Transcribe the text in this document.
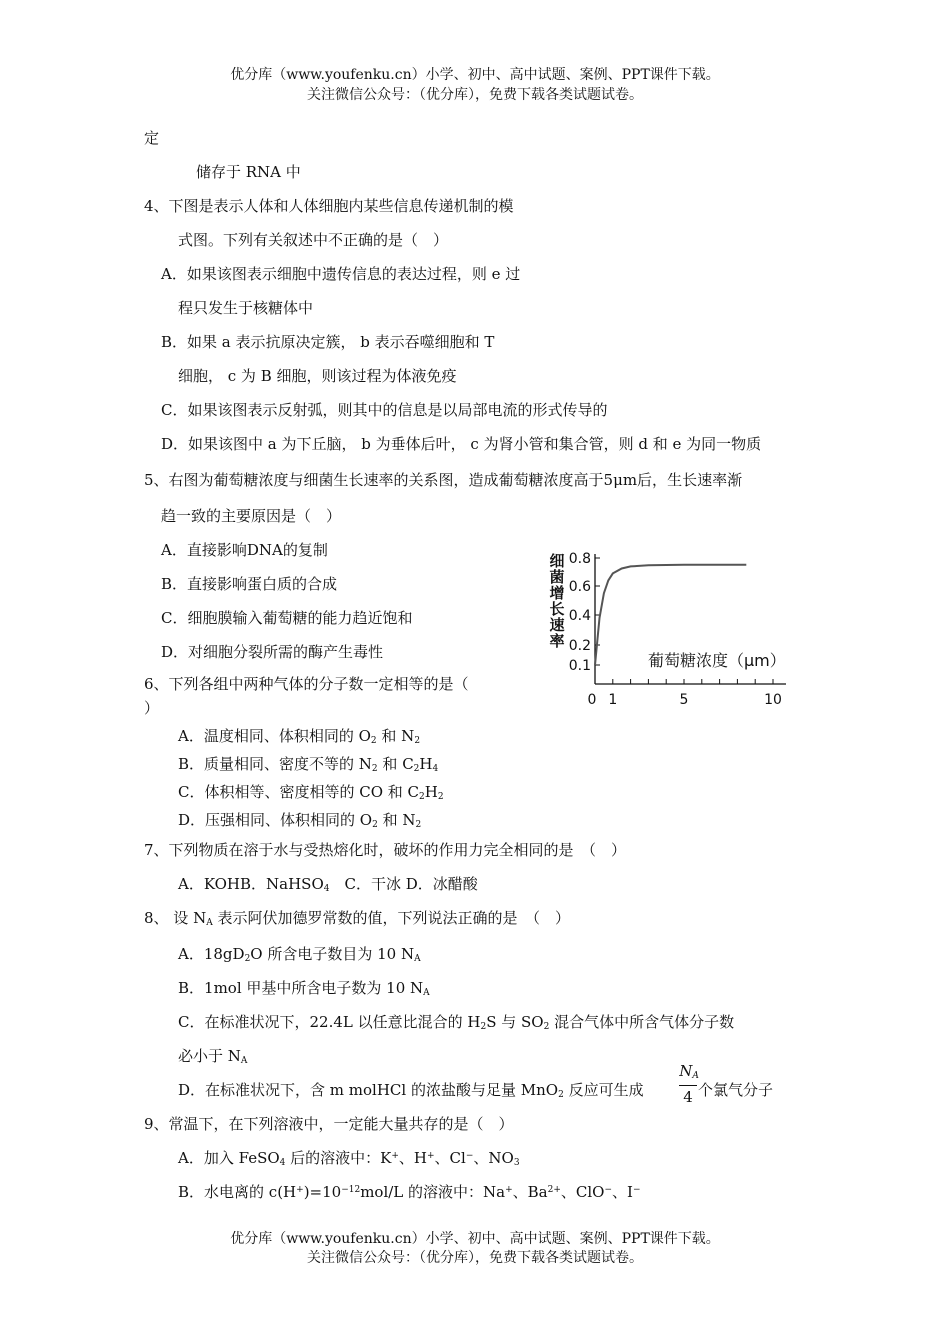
优分库（www.youfenku.cn）小学、初中、高中试题、案例、PPT课件下载。
关注微信公众号：（优分库），免费下载各类试题试卷。
定
储存于 RNA 中
4、下图是表示人体和人体细胞内某些信息传递机制的模
式图。下列有关叙述中不正确的是（　）
A．如果该图表示细胞中遗传信息的表达过程，则 e 过
程只发生于核糖体中
B．如果 a 表示抗原决定簇， b 表示吞噬细胞和 T
细胞， c 为 B 细胞，则该过程为体液免疫
C．如果该图表示反射弧，则其中的信息是以局部电流的形式传导的
D．如果该图中 a 为下丘脑， b 为垂体后叶， c 为肾小管和集合管，则 d 和 e 为同一物质
5、右图为葡萄糖浓度与细菌生长速率的关系图，造成葡萄糖浓度高于5μm后，生长速率渐
趋一致的主要原因是（　）
A．直接影响DNA的复制
B．直接影响蛋白质的合成
C．细胞膜输入葡萄糖的能力趋近饱和
D．对细胞分裂所需的酶产生毒性
0.8
0.6
0.4
0.2
0.1
0 1	5	10
细
菌
增
长
速
率
葡萄糖浓度（μm）
6、下列各组中两种气体的分子数一定相等的是（
）
A．温度相同、体积相同的 $O_2$ 和 $N_2$
B．质量相同、密度不等的 $N_2$ 和 $C_2H_4$
C．体积相等、密度相等的 CO 和 $C_2H_2$
D．压强相同、体积相同的 $O_2$ 和 $N_2$
7、下列物质在溶于水与受热熔化时，破坏的作用力完全相同的是　（　）
A．KOHB．NaHSO$_4$　C．干冰 D．冰醋酸
8、 设 $N_A$ 表示阿伏加德罗常数的值，下列说法正确的是　（　）
A．$18gD_2O$ 所含电子数目为 10 $N_A$
B．1mol 甲基中所含电子数为 10 $N_A$
C．在标准状况下，22.4L 以任意比混合的 $H_2S$ 与 $SO_2$ 混合气体中所含气体分子数
必小于 $N_A$
D．在标准状况下，含 m molHCl 的浓盐酸与足量 MnO$_2$ 反应可生成
$N_A$
4 个氯气分子
9、常温下，在下列溶液中，一定能大量共存的是（　）
A．加入 FeSO$_4$ 后的溶液中：K+、H+、Cl−、$NO_3$
B．水电离的 $c(H^+)=10^{-12}mol/L$ 的溶液中：Na+、$Ba^{2+}$、ClO−、I−
优分库（www.youfenku.cn）小学、初中、高中试题、案例、PPT课件下载。
关注微信公众号：（优分库），免费下载各类试题试卷。
